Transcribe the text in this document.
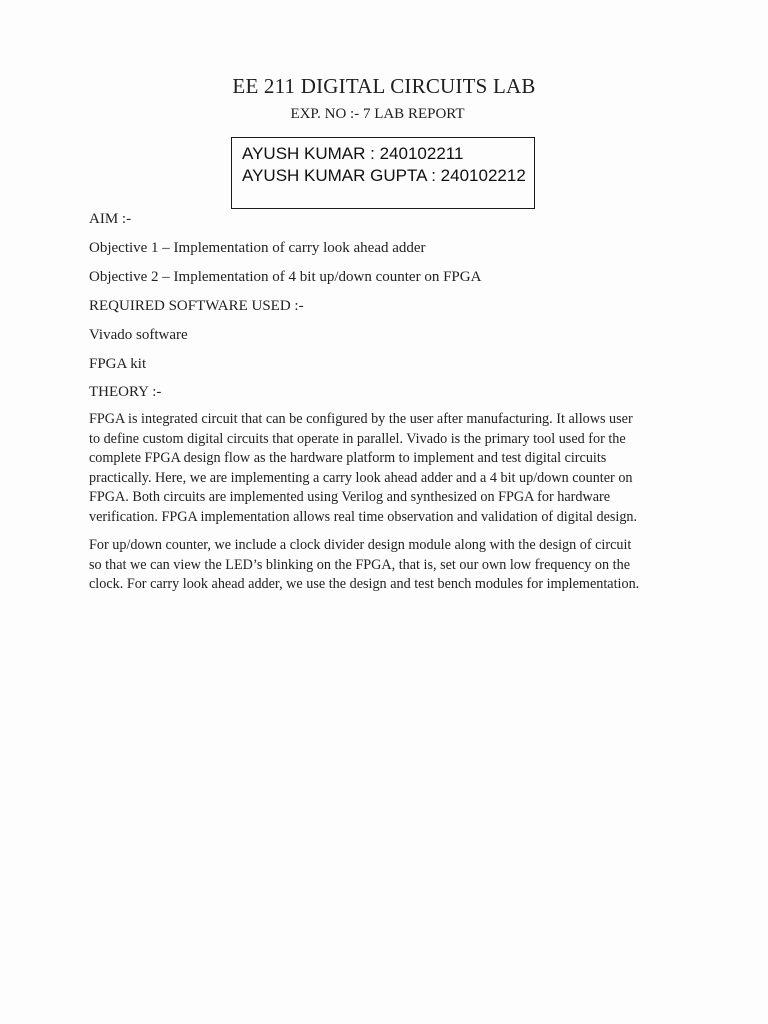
EE 211 DIGITAL CIRCUITS LAB
EXP. NO :- 7 LAB REPORT
AYUSH KUMAR : 240102211
AYUSH KUMAR GUPTA : 240102212
AIM :-
Objective 1 – Implementation of carry look ahead adder
Objective 2 – Implementation of 4 bit up/down counter on FPGA
REQUIRED SOFTWARE USED :-
Vivado software
FPGA kit
THEORY :-
FPGA is integrated circuit that can be configured by the user after manufacturing. It allows user
to define custom digital circuits that operate in parallel. Vivado is the primary tool used for the
complete FPGA design flow as the hardware platform to implement and test digital circuits
practically. Here, we are implementing a carry look ahead adder and a 4 bit up/down counter on
FPGA. Both circuits are implemented using Verilog and synthesized on FPGA for hardware
verification. FPGA implementation allows real time observation and validation of digital design.
For up/down counter, we include a clock divider design module along with the design of circuit
so that we can view the LED’s blinking on the FPGA, that is, set our own low frequency on the
clock. For carry look ahead adder, we use the design and test bench modules for implementation.
